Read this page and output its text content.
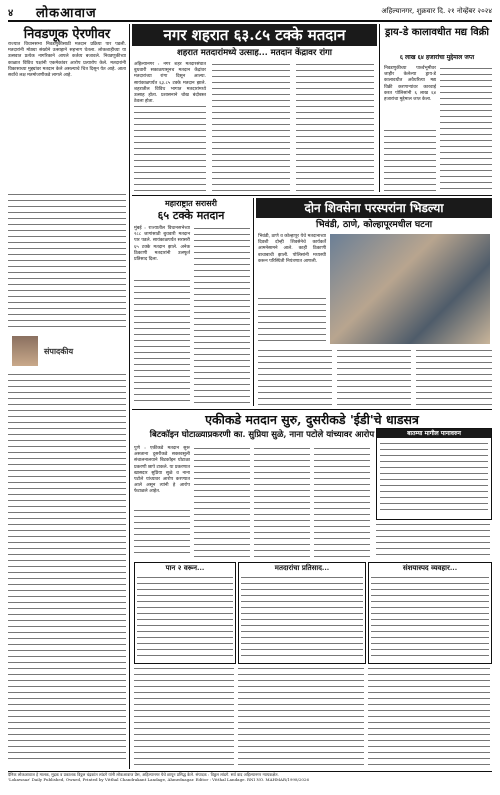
४ लोकआवाज	अहिल्यानगर, शुक्रवार दि. २१ नोव्हेंबर २०२४
निवडणूक ऐरणीवर
राज्यात विधानसभा निवडणुकीसाठी मतदान प्रक्रिया पार पडली. मतदारांनी मोठ्या संख्येने उत्साहाने सहभाग घेतला. लोकशाहीच्या या उत्सवात प्रत्येक नागरिकाने आपले कर्तव्य बजावले. निवडणुकीच्या काळात विविध पक्षांनी एकमेकांवर आरोप प्रत्यारोप केले. मतदारांनी विकासाच्या मुद्द्यांवर मतदान केले असल्याचे चित्र दिसून येत आहे. आता सर्वांचे लक्ष मतमोजणीकडे लागले आहे.
संपादकीय
नगर शहरात ६३.८५ टक्के मतदान
शहरात मतदारांमध्ये उत्साह... मतदान केंद्रावर रांगा
अहिल्यानगर : नगर शहर मतदारसंघात बुधवारी सकाळपासूनच मतदान केंद्रांवर मतदारांच्या रांगा दिसून आल्या. सायंकाळपर्यंत ६३.८५ टक्के मतदान झाले. शहरातील विविध भागात मतदारांमध्ये उत्साह होता. प्रशासनाने चोख बंदोबस्त ठेवला होता.
ड्राय-डे कालावधीत मद्य विक्री
६ लाख ६४ हजारांचा मुद्देमाल जप्त
निवडणुकीच्या पार्श्वभूमीवर जाहीर केलेल्या ड्राय-डे कालावधीत अवैधरित्या मद्य विक्री करणाऱ्यांवर कारवाई करत पोलिसांनी ६ लाख ६४ हजारांचा मुद्देमाल जप्त केला.
महाराष्ट्रात सरासरी
६५ टक्के मतदान
मुंबई : राज्यातील विधानसभेच्या २८८ जागांसाठी बुधवारी मतदान पार पडले. सायंकाळपर्यंत सरासरी ६५ टक्के मतदान झाले. अनेक ठिकाणी मतदारांनी उत्स्फूर्त प्रतिसाद दिला.
दोन शिवसेना परस्परांना भिडल्या
भिवंडी, ठाणे, कोल्हापूरमधील घटना
भिवंडी, ठाणे व कोल्हापूर येथे मतदानाच्या दिवशी दोन्ही शिवसेनेचे कार्यकर्ते आमनेसामने आले. काही ठिकाणी बाचाबाची झाली. पोलिसांनी मध्यस्थी करून परिस्थिती नियंत्रणात आणली.
एकीकडे मतदान सुरु, दुसरीकडे 'ईडी'चे धाडसत्र
बिटकॉइन घोटाळ्याप्रकरणी का. सुप्रिया सुळे, नाना पटोले यांच्यावर आरोप
पुणे : एकीकडे मतदान सुरू असताना दुसरीकडे सक्तवसुली संचालनालयाने बिटकॉइन घोटाळा प्रकरणी छापे टाकले. या प्रकरणात खासदार सुप्रिया सुळे व नाना पटोले यांच्यावर आरोप करण्यात आले असून त्यांनी हे आरोप फेटाळले आहेत.
बातम्या मागील पानावरुन
पान २ वरून...	मतदारांचा प्रतिसाद...	संशयास्पद व्यवहार...
दैनिक लोकआवाज हे मालक, मुद्रक व प्रकाशक विठ्ठल चंद्रकांत लांडगे यांनी लोकआवाज प्रेस, अहिल्यानगर येथे छापून प्रसिद्ध केले. संपादक : विठ्ठल लांडगे. सर्व वाद अहिल्यानगर न्यायकक्षेत.
'Lokawaaz' Daily Published, Owned, Printed by Vitthal Chandrakant Landage, Ahmednagar. Editor : Vitthal Landage. RNI NO. MAHMAR/1998/2026
